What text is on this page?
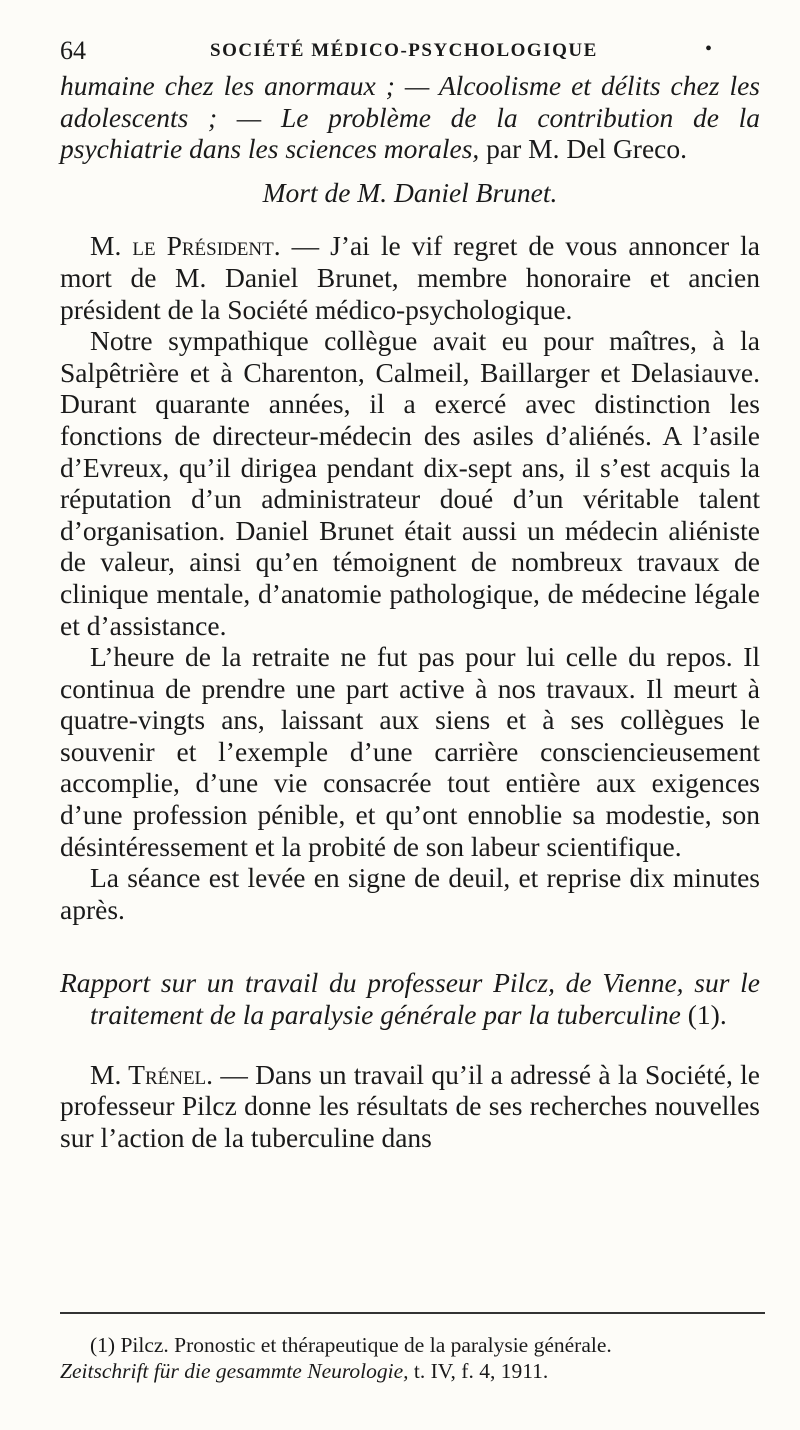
64	SOCIÉTÉ MÉDICO-PSYCHOLOGIQUE	•

humaine chez les anormaux ; — Alcoolisme et délits chez les adolescents ; — Le problème de la contribution de la psychiatrie dans les sciences morales, par M. Del Greco.

Mort de M. Daniel Brunet.

M. le Président. — J’ai le vif regret de vous annoncer la mort de M. Daniel Brunet, membre honoraire et ancien président de la Société médico-psychologique.

Notre sympathique collègue avait eu pour maîtres, à la Salpêtrière et à Charenton, Calmeil, Baillarger et Delasiauve. Durant quarante années, il a exercé avec distinction les fonctions de directeur-médecin des asiles d’aliénés. A l’asile d’Evreux, qu’il dirigea pendant dix-sept ans, il s’est acquis la réputation d’un administrateur doué d’un véritable talent d’organisation. Daniel Brunet était aussi un médecin aliéniste de valeur, ainsi qu’en témoignent de nombreux travaux de clinique mentale, d’anatomie pathologique, de médecine légale et d’assistance.

L’heure de la retraite ne fut pas pour lui celle du repos. Il continua de prendre une part active à nos travaux. Il meurt à quatre-vingts ans, laissant aux siens et à ses collègues le souvenir et l’exemple d’une carrière consciencieusement accomplie, d’une vie consacrée tout entière aux exigences d’une profession pénible, et qu’ont ennoblie sa modestie, son désintéressement et la probité de son labeur scientifique.

La séance est levée en signe de deuil, et reprise dix minutes après.

Rapport sur un travail du professeur Pilcz, de Vienne, sur le traitement de la paralysie générale par la tuberculine (1).

M. Trénel. — Dans un travail qu’il a adressé à la Société, le professeur Pilcz donne les résultats de ses recherches nouvelles sur l’action de la tuberculine dans

(1) Pilcz. Pronostic et thérapeutique de la paralysie générale.

Zeitschrift für die gesammte Neurologie, t. IV, f. 4, 1911.
